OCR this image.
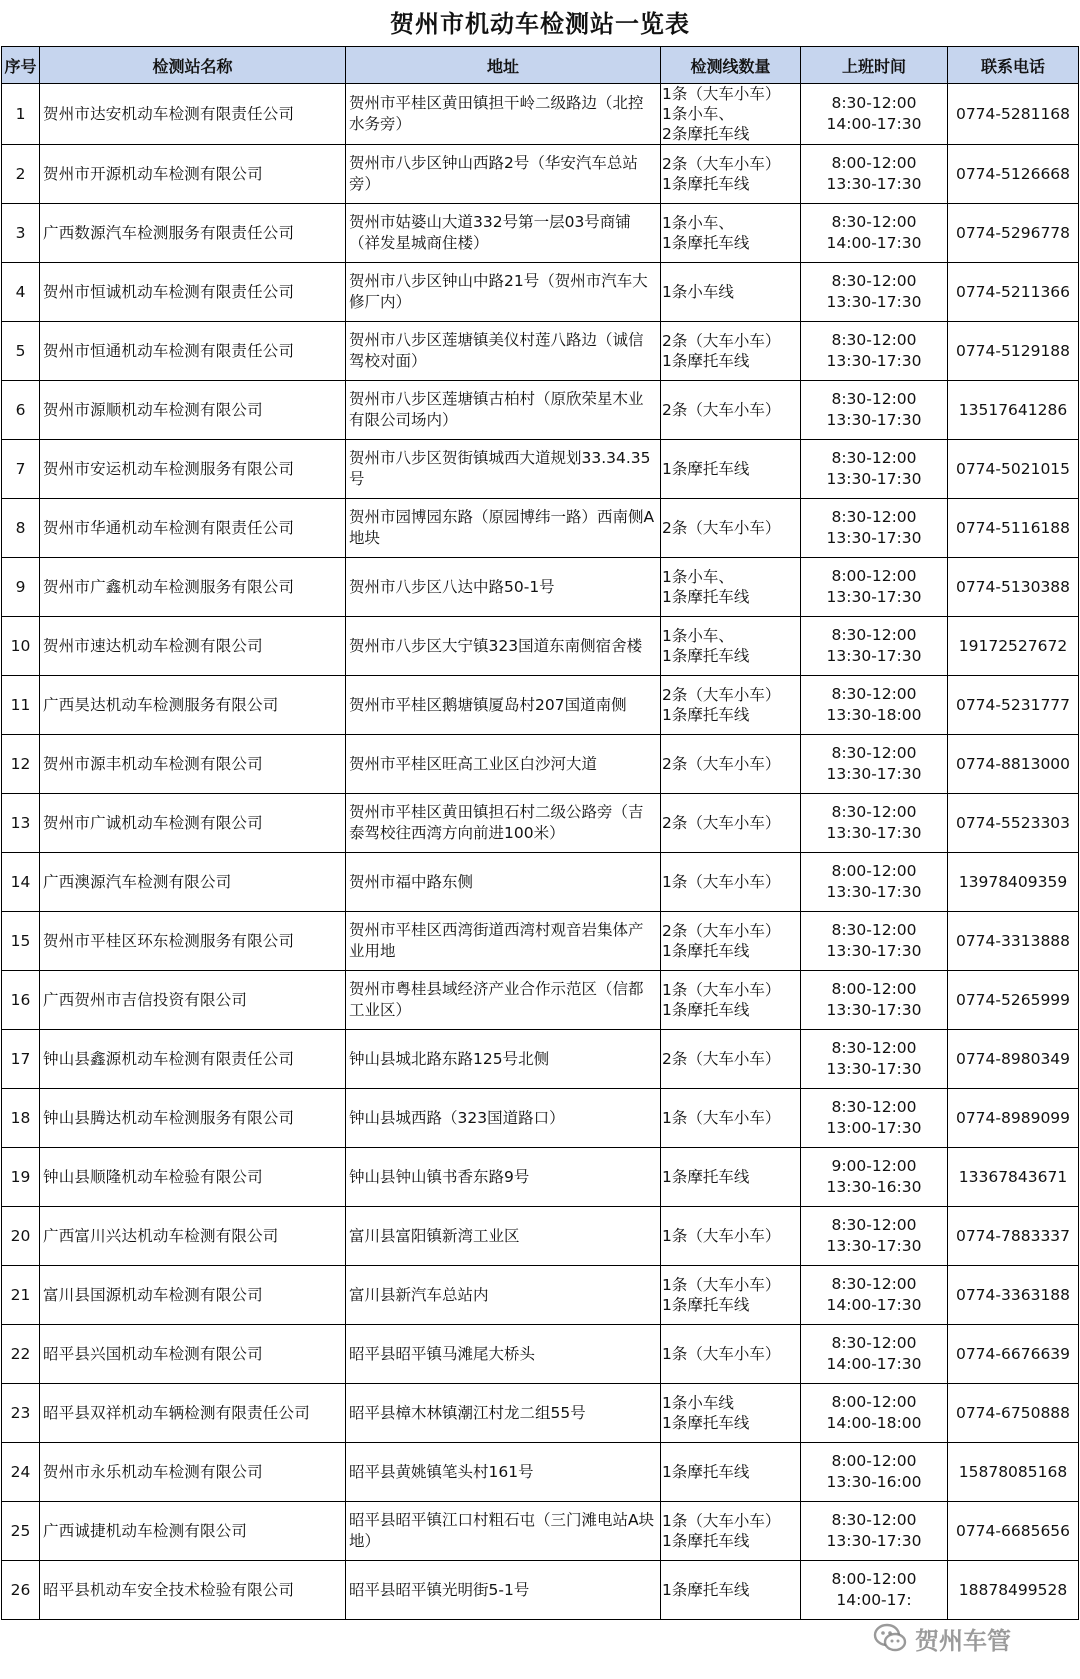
贺州市机动车检测站一览表
序号	检测站名称	地址	检测线数量	上班时间	联系电话
1	贺州市达安机动车检测有限责任公司	贺州市平桂区黄田镇担干岭二级路边（北控水务旁）	1条（大车小车）
1条小车、
2条摩托车线	8:30-12:00
14:00-17:30	0774-5281168
2	贺州市开源机动车检测有限公司	贺州市八步区钟山西路2号（华安汽车总站旁）	2条（大车小车）
1条摩托车线	8:00-12:00
13:30-17:30	0774-5126668
3	广西数源汽车检测服务有限责任公司	贺州市姑婆山大道332号第一层03号商铺（祥发星城商住楼）	1条小车、
1条摩托车线	8:30-12:00
14:00-17:30	0774-5296778
4	贺州市恒诚机动车检测有限责任公司	贺州市八步区钟山中路21号（贺州市汽车大修厂内）	1条小车线	8:30-12:00
13:30-17:30	0774-5211366
5	贺州市恒通机动车检测有限责任公司	贺州市八步区莲塘镇美仪村莲八路边（诚信驾校对面）	2条（大车小车）
1条摩托车线	8:30-12:00
13:30-17:30	0774-5129188
6	贺州市源顺机动车检测有限公司	贺州市八步区莲塘镇古柏村（原欣荣星木业有限公司场内）	2条（大车小车）	8:30-12:00
13:30-17:30	13517641286
7	贺州市安运机动车检测服务有限公司	贺州市八步区贺街镇城西大道规划33.34.35号	1条摩托车线	8:30-12:00
13:30-17:30	0774-5021015
8	贺州市华通机动车检测有限责任公司	贺州市园博园东路（原园博纬一路）西南侧A地块	2条（大车小车）	8:30-12:00
13:30-17:30	0774-5116188
9	贺州市广鑫机动车检测服务有限公司	贺州市八步区八达中路50-1号	1条小车、
1条摩托车线	8:00-12:00
13:30-17:30	0774-5130388
10	贺州市速达机动车检测有限公司	贺州市八步区大宁镇323国道东南侧宿舍楼	1条小车、
1条摩托车线	8:30-12:00
13:30-17:30	19172527672
11	广西昊达机动车检测服务有限公司	贺州市平桂区鹅塘镇厦岛村207国道南侧	2条（大车小车）
1条摩托车线	8:30-12:00
13:30-18:00	0774-5231777
12	贺州市源丰机动车检测有限公司	贺州市平桂区旺高工业区白沙河大道	2条（大车小车）	8:30-12:00
13:30-17:30	0774-8813000
13	贺州市广诚机动车检测有限公司	贺州市平桂区黄田镇担石村二级公路旁（吉泰驾校往西湾方向前进100米）	2条（大车小车）	8:30-12:00
13:30-17:30	0774-5523303
14	广西澳源汽车检测有限公司	贺州市福中路东侧	1条（大车小车）	8:00-12:00
13:30-17:30	13978409359
15	贺州市平桂区环东检测服务有限公司	贺州市平桂区西湾街道西湾村观音岩集体产业用地	2条（大车小车）
1条摩托车线	8:30-12:00
13:30-17:30	0774-3313888
16	广西贺州市吉信投资有限公司	贺州市粤桂县域经济产业合作示范区（信都工业区）	1条（大车小车）
1条摩托车线	8:00-12:00
13:30-17:30	0774-5265999
17	钟山县鑫源机动车检测有限责任公司	钟山县城北路东路125号北侧	2条（大车小车）	8:30-12:00
13:30-17:30	0774-8980349
18	钟山县腾达机动车检测服务有限公司	钟山县城西路（323国道路口）	1条（大车小车）	8:30-12:00
13:00-17:30	0774-8989099
19	钟山县顺隆机动车检验有限公司	钟山县钟山镇书香东路9号	1条摩托车线	9:00-12:00
13:30-16:30	13367843671
20	广西富川兴达机动车检测有限公司	富川县富阳镇新湾工业区	1条（大车小车）	8:30-12:00
13:30-17:30	0774-7883337
21	富川县国源机动车检测有限公司	富川县新汽车总站内	1条（大车小车）
1条摩托车线	8:30-12:00
14:00-17:30	0774-3363188
22	昭平县兴国机动车检测有限公司	昭平县昭平镇马滩尾大桥头	1条（大车小车）	8:30-12:00
14:00-17:30	0774-6676639
23	昭平县双祥机动车辆检测有限责任公司	昭平县樟木林镇潮江村龙二组55号	1条小车线
1条摩托车线	8:00-12:00
14:00-18:00	0774-6750888
24	贺州市永乐机动车检测有限公司	昭平县黄姚镇笔头村161号	1条摩托车线	8:00-12:00
13:30-16:00	15878085168
25	广西诚捷机动车检测有限公司	昭平县昭平镇江口村粗石屯（三门滩电站A块地）	1条（大车小车）
1条摩托车线	8:30-12:00
13:30-17:30	0774-6685656
26	昭平县机动车安全技术检验有限公司	昭平县昭平镇光明街5-1号	1条摩托车线	8:00-12:00
14:00-17:	18878499528
贺州车管
